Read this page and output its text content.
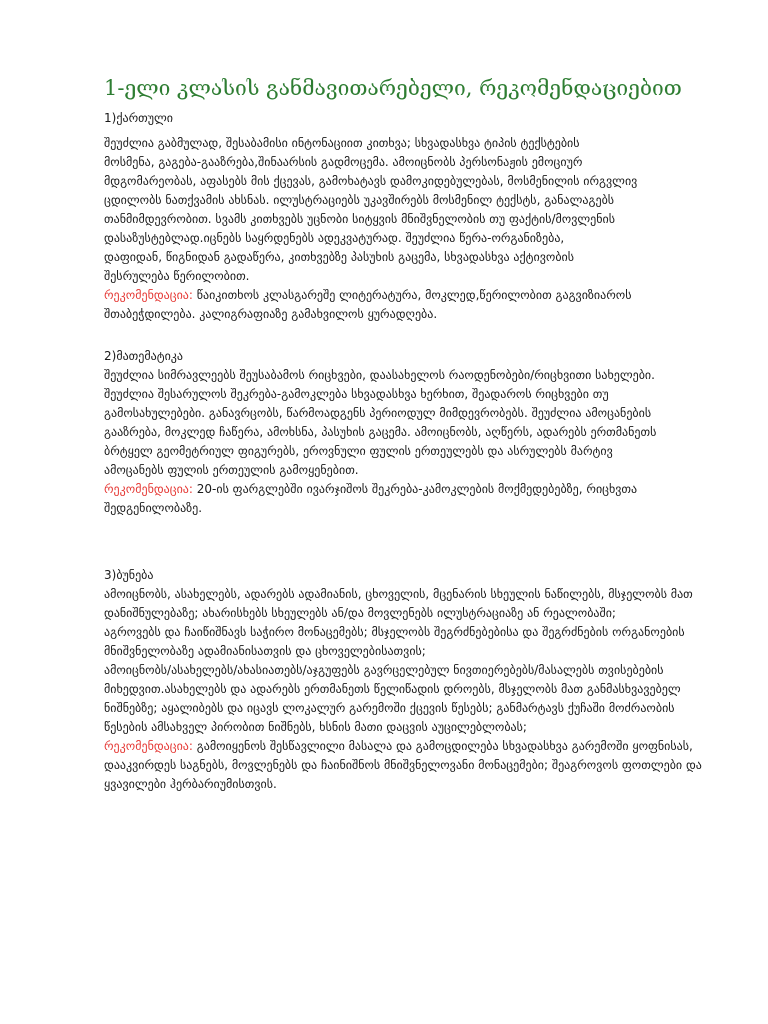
1-ელი კლასის განმავითარებელი, რეკომენდაციებით
1)ქართული
შეუძლია გაბმულად, შესაბამისი ინტონაციით კითხვა; სხვადასხვა ტიპის ტექსტების
მოსმენა, გაგება-გააზრება,შინაარსის გადმოცემა. ამოიცნობს პერსონაჟის ემოციურ
მდგომარეობას, აფასებს მის ქცევას, გამოხატავს დამოკიდებულებას, მოსმენილის ირგვლივ
ცდილობს ნათქვამის ახსნას. ილუსტრაციებს უკავშირებს მოსმენილ ტექსტს, განალაგებს
თანმიმდევრობით. სვამს კითხვებს უცნობი სიტყვის მნიშვნელობის თუ ფაქტის/მოვლენის
დასაზუსტებლად.იცნებს საყრდენებს ადეკვატურად. შეუძლია წერა-ორგანიზება,
დაფიდან, წიგნიდან გადაწერა, კითხვებზე პასუხის გაცემა, სხვადასხვა აქტივობის
შესრულება წერილობით.
რეკომენდაცია: წაიკითხოს კლასგარეშე ლიტერატურა, მოკლედ,წერილობით გაგვიზიაროს
შთაბეჭდილება. კალიგრაფიაზე გამახვილოს ყურადღება.
2)მათემატიკა
შეუძლია სიმრავლეებს შეუსაბამოს რიცხვები, დაასახელოს რაოდენობები/რიცხვითი სახელები.
შეუძლია შესარულოს შეკრება-გამოკლება სხვადასხვა ხერხით, შეადაროს რიცხვები თუ
გამოსახულებები. განავრცობს, წარმოადგენს პერიოდულ მიმდევრობებს. შეუძლია ამოცანების
გააზრება, მოკლედ ჩაწერა, ამოხსნა, პასუხის გაცემა. ამოიცნობს, აღწერს, ადარებს ერთმანეთს
ბრტყელ გეომეტრიულ ფიგურებს, ეროვნული ფულის ერთეულებს და ასრულებს მარტივ
ამოცანებს ფულის ერთეულის გამოყენებით.
რეკომენდაცია: 20-ის ფარგლებში ივარჯიშოს შეკრება-კამოკლების მოქმედებებზე, რიცხვთა
შედგენილობაზე.
3)ბუნება
ამოიცნობს, ასახელებს, ადარებს ადამიანის, ცხოველის, მცენარის სხეულის ნაწილებს, მსჯელობს მათ
დანიშნულებაზე; ახარისხებს სხეულებს ან/და მოვლენებს ილუსტრაციაზე ან რეალობაში;
აგროვებს და ჩაიწიშნავს საჭირო მონაცემებს; მსჯელობს შეგრძნებებისა და შეგრძნების ორგანოების
მნიშვნელობაზე ადამიანისათვის და ცხოველებისათვის;
ამოიცნობს/ასახელებს/ახასიათებს/აჯგუფებს გავრცელებულ ნივთიერებებს/მასალებს თვისებების
მიხედვით.ასახელებს და ადარებს ერთმანეთს წელიწადის დროებს, მსჯელობს მათ განმასხვავებელ
ნიშნებზე; აყალიბებს და იცავს ლოკალურ გარემოში ქცევის წესებს; განმარტავს ქუჩაში მოძრაობის
წესების ამსახველ პირობით ნიშნებს, ხსნის მათი დაცვის აუცილებლობას;
რეკომენდაცია: გამოიყენოს შესწავლილი მასალა და გამოცდილება სხვადასხვა გარემოში ყოფნისას,
დააკვირდეს საგნებს, მოვლენებს და ჩაინიშნოს მნიშვნელოვანი მონაცემები; შეაგროვოს ფოთლები და
ყვავილები ჰერბარიუმისთვის.
